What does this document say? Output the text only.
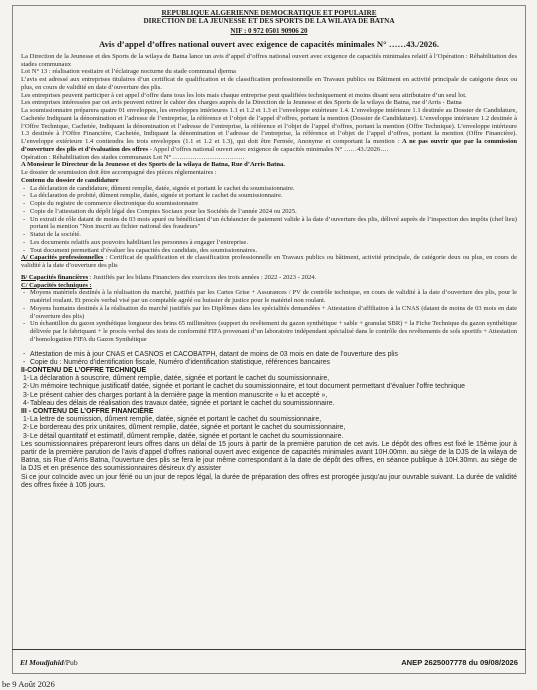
REPUBLIQUE ALGERIENNE DEMOCRATIQUE ET POPULAIRE
DIRECTION DE LA JEUNESSE ET DES SPORTS DE LA WILAYA DE BATNA
NIF : 0 972 0501 90906 20
Avis d’appel d’offres national ouvert avec exigence de capacités minimales N° ……43./2026.

La Direction de la Jeunesse et des Sports de la wilaya de Batna lance un avis d’appel d’offres national ouvert avec exigence de capacités minimales relatif à l’Opération : Réhabilitation des stades communaux

Lot N° 13 : réalisation vestiaire et l’éclairage nocturne du stade communal djerma

L’avis est adressé aux entreprises titulaires d’un certificat de qualification et de classification professionnelle en Travaux publics ou Bâtiment en activité principale de catégorie deux ou plus, en cours de validité en date d’ouverture des plis.

Les entreprises peuvent participer à cet appel d’offre dans tous les lots mais chaque entreprise peut qualifiées techniquement et moins disant sera attributaire d’un seul lot.

Les entreprises intéressées par cet avis peuvent retirer le cahier des charges auprès de la Direction de la Jeunesse et des Sports de la wilaya de Batna, rue d’Arris - Batna

La soumissionnaire préparera quatre 01 enveloppes, les enveloppes intérieures 1.1 et 1.2 et 1.3 et l’enveloppe extérieure 1.4. L’enveloppe intérieure 1.1 destinée au Dossier de Candidature, Cachetée Indiquant la dénomination et l’adresse de l’entreprise, la référence et l’objet de l’appel d’offres, portant la mention (Dossier de Candidature). L’enveloppe intérieure 1.2 destinée à l’Offre Technique, Cachetée, Indiquant la dénomination et l’adresse de l’entreprise, la référence et l’objet de l’appel d’offres, portant la mention (Offre Technique). L’enveloppe intérieure 1.3 destinée à l’Offre Financière, Cachetée, Indiquant la dénomination et l’adresse de l’entreprise, la référence et l’objet de l’appel d’offres, portant la mention (Offre Financière). L’enveloppe extérieure 1.4 contiendra les trois enveloppes (1.1 et 1.2 et 1.3), qui doit être Fermée, Anonyme et comportant la mention : A ne pas ouvrir que par la commission d’ouverture des plis et d’évaluation des offres - Appel d’offres national ouvert avec exigence de capacités minimales N° ……43./2026….

Opération : Réhabilitation des stades communaux Lot N° ……………………………

A Monsieur le Directeur de la Jeunesse et des Sports de la wilaya de Batna, Rue d’Arris Batna.

Le dossier de soumission doit être accompagné des pièces réglementaires :

Contenu du dossier de candidature

- La déclaration de candidature, dûment remplie, datée, signée et portant le cachet du soumissionnaire.
- La déclaration de probité, dûment remplie, datée, signée et portant le cachet du soumissionnaire.
- Copie du registre de commerce électronique du soumissionnaire
- Copie de l’attestation du dépôt légal des Comptes Sociaux pour les Sociétés de l’année 2024 ou 2025.
- Un extrait de rôle datant de moins de 03 mois apuré ou bénéficiant d’un échéancier de paiement valide à la date d’ouverture des plis, délivré auprès de l’inspection des impôts (chef lieu) portant la mention "Non inscrit au fichier national des fraudeurs"
- Statut de la société.
- Les documents relatifs aux pouvoirs habilitant les personnes à engager l’entreprise.
- Tout document permettant d’évaluer les capacités des candidats, des soumissionnaires.

A/ Capacités professionnelles : Certificat de qualification et de classification professionnelle en Travaux publics ou bâtiment, activité principale, de catégorie deux ou plus, en cours de validité à la date d’ouverture des plis

B/ Capacités financières : Justifiés par les bilans Financiers des exercices des trois années : 2022 - 2023 - 2024.

C/ Capacités techniques :

- Moyens matériels destinés à la réalisation du marché, justifiés par les Cartes Grise + Assurances / PV de contrôle technique, en cours de validité à la date d’ouverture des plis, pour le matériel roulant. Et procès verbal visé par un comptable agréé ou huissier de justice pour le matériel non roulant.
- Moyens humains destinés à la réalisation du marché justifiés par les Diplômes dans les spécialités demandées + Attestation d’affiliation à la CNAS (datant de moins de 03 mois en date d’ouverture des plis)
- Un échantillon du gazon synthétique longueur des brins 65 millimètres (support du revêtement du gazon synthétique + sable + granulat SBR) + la Fiche Technique du gazon synthétique délivrée par le fabriquant + le procès verbal des tests de conformité FIFA provenant d’un laboratoire indépendant spécialisé dans le contrôle des revêtements de sols sportifs + Attestation d’homologation FIFA du Gazon Synthétique
- Attestation de mis à jour CNAS et CASNOS et CACOBATPH, datant de moins de 03 mois en date de l’ouverture des plis
- Copie du : Numéro d’identification fiscale, Numéro d’identification statistique, références bancaires

II-CONTENU DE L’OFFRE TECHNIQUE

1-La déclaration à souscrire, dûment remplie, datée, signée et portant le cachet du soumissionnaire,
2-Un mémoire technique justificatif datée, signée et portant le cachet du soumissionnaire, et tout document permettant d’évaluer l’offre technique
3-Le présent cahier des charges portant à la dernière page la mention manuscrite « lu et accepté »,
4-Tableau des délais de réalisation des travaux datée, signée et portant le cachet du soumissionnaire.

III - CONTENU DE L’OFFRE FINANCIÈRE

1-La lettre de soumission, dûment remplie, datée, signée et portant le cachet du soumissionnaire,
2-Le bordereau des prix unitaires, dûment remplie, datée, signée et portant le cachet du soumissionnaire,
3-Le détail quantitatif et estimatif, dûment remplie, datée, signée et portant le cachet du soumissionnaire.

Les soumissionnaires prépareront leurs offres dans un délai de 15 jours à partir de la première parution de cet avis. Le dépôt des offres est fixé le 15ème jour à partir de la première parution de l’avis d’appel d’offres national ouvert avec exigence de capacités minimales avant 10H.00mn. au siège de la DJS de la wilaya de Batna, sis Rue d’Arris Batna, l’ouverture des plis se fera le jour même correspondant à la date de dépôt des offres, en séance publique à 10H.30mn. au siège de la DJS et en présence des soumissionnaires désireux d’y assister

Si ce jour coïncide avec un jour férié ou un jour de repos légal, la durée de préparation des offres est prorogée jusqu’au jour ouvrable suivant. La durée de validité des offres fixée à 105 jours.

El Moudjahid/Pub	ANEP 2625007778 du 09/08/2026
be 9 Août 2026
